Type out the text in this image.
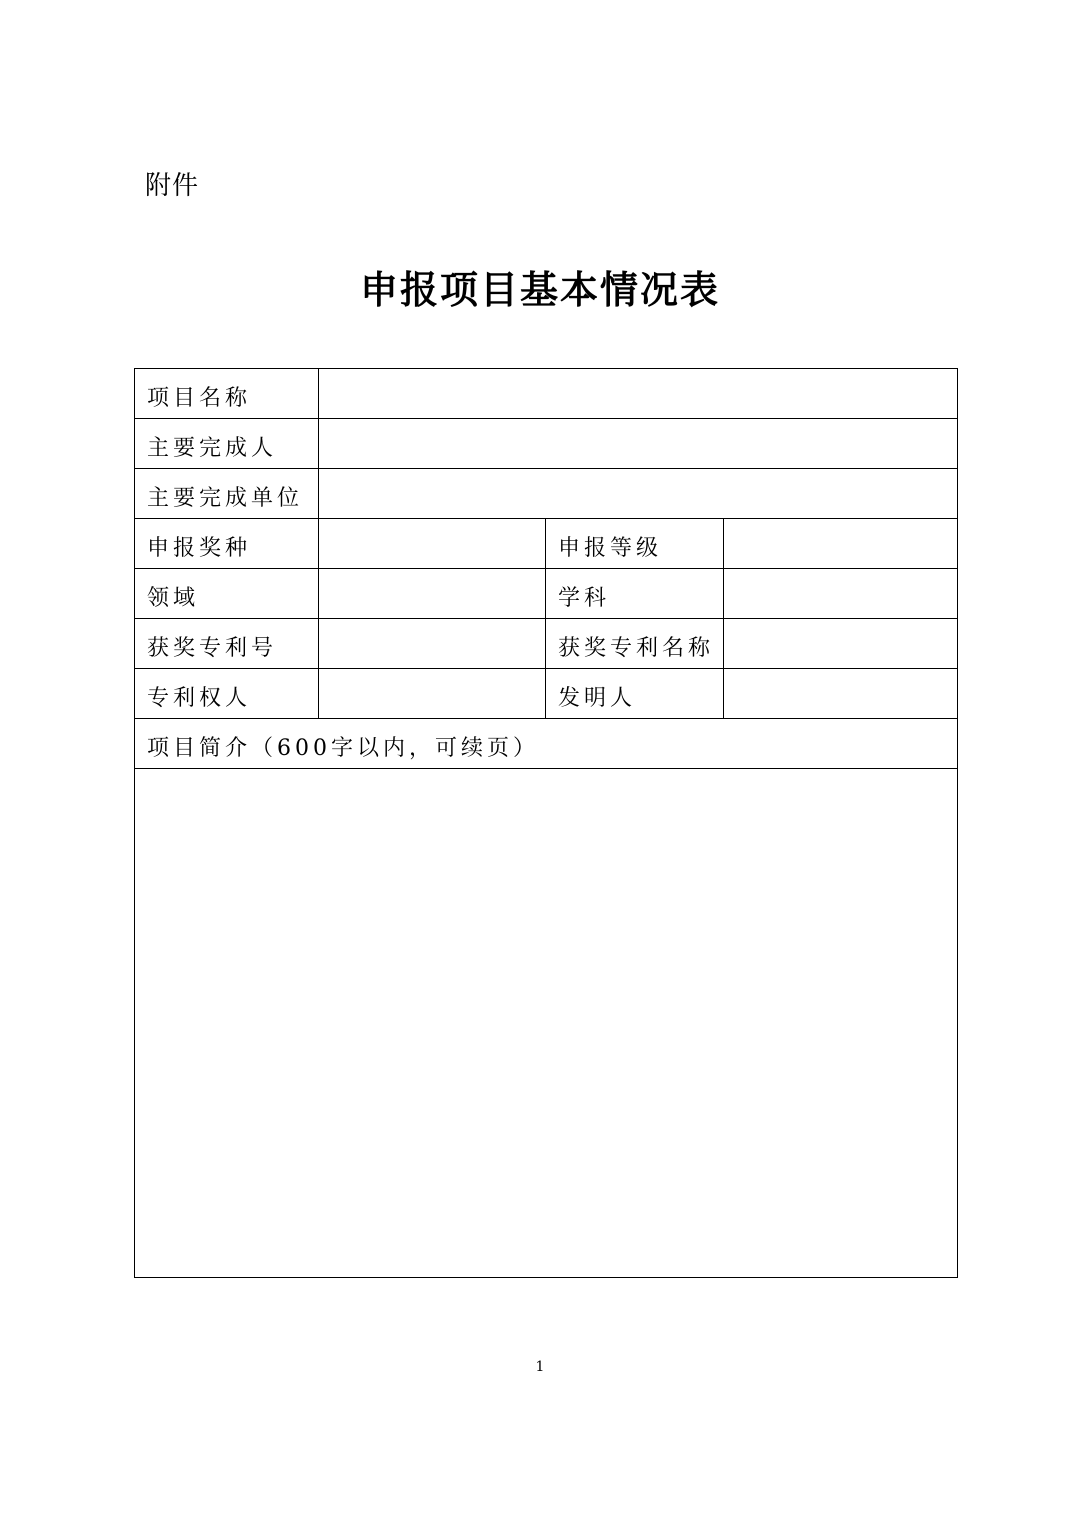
附件
申报项目基本情况表
项目名称			

主要完成人			

主要完成单位			

申报奖种		申报等级	

领域		学科	

获奖专利号		获奖专利名称	

专利权人		发明人	

项目简介（600字以内，可续页）			

1
